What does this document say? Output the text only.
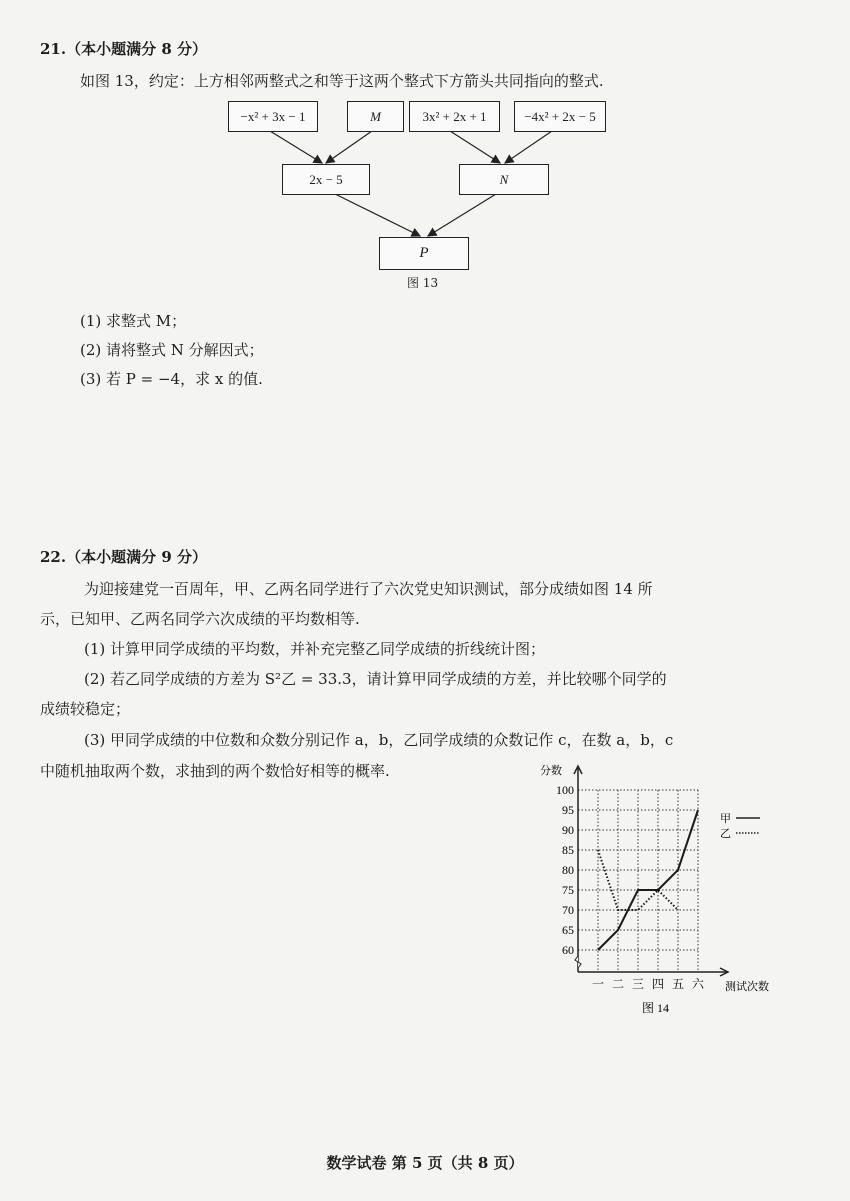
21.（本小题满分 8 分）
如图 13，约定：上方相邻两整式之和等于这两个整式下方箭头共同指向的整式.
−x² + 3x − 1	M	3x² + 2x + 1	−4x² + 2x − 5
2x − 5	N
P
图 13
(1) 求整式 M；
(2) 请将整式 N 分解因式；
(3) 若 P = −4，求 x 的值.
22.（本小题满分 9 分）
为迎接建党一百周年，甲、乙两名同学进行了六次党史知识测试，部分成绩如图 14 所
示，已知甲、乙两名同学六次成绩的平均数相等.
(1) 计算甲同学成绩的平均数，并补充完整乙同学成绩的折线统计图；
(2) 若乙同学成绩的方差为 S²乙 = 33.3，请计算甲同学成绩的方差，并比较哪个同学的
成绩较稳定；
(3) 甲同学成绩的中位数和众数分别记作 a，b，乙同学成绩的众数记作 c，在数 a，b，c
中随机抽取两个数，求抽到的两个数恰好相等的概率.
60
65
70
75
80
85
90
95
100
一 二 三 四 五 六
分数
测试次数
图 14
甲
乙
数学试卷 第 5 页（共 8 页）
